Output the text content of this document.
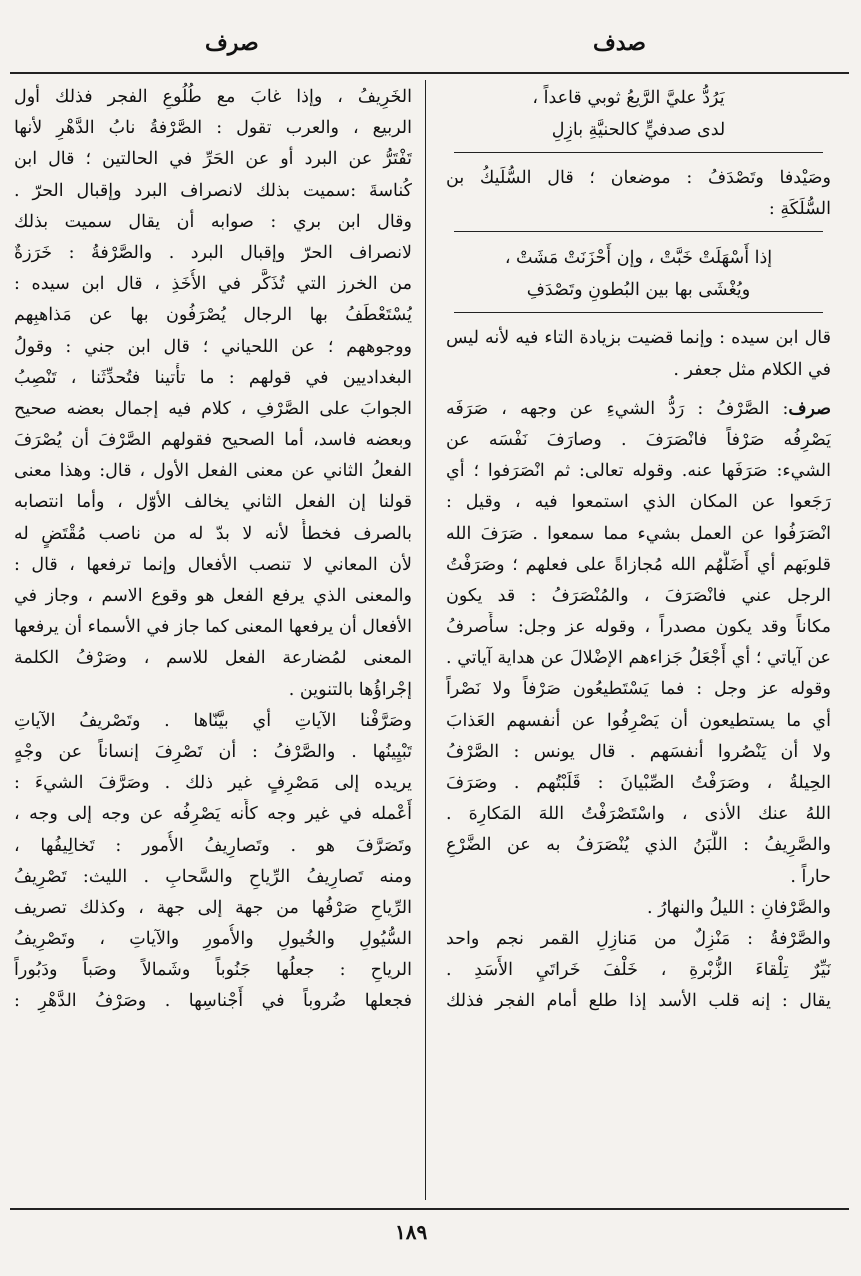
صدف
صرف
يَرُدُّ عليَّ الرَّيعُ ثوبي قاعداً ،
لدى صدفيٍّ كالحنيَّةِ بازِلِ
وصَيْدفا وتَصْدَفُ : موضعان ؛ قال السُّلَيكُ بن
السُّلَكَةِ :
إذا أَسْهَلَتْ خَبَّتْ ، وإن أَحْزَنَتْ مَشَتْ ،
ويُغْشَى بها بين البُطونِ وتَصْدَفِ
قال ابن سيده : وإنما قضيت بزيادة التاء فيه لأنه ليس
في الكلام مثل جعفر .
صرف: الصَّرْفُ : رَدُّ الشيءِ عن وجهه ، صَرَفَه
يَصْرِفُه صَرْفاً فانْصَرَفَ . وصارَفَ نَفْسَه عن
الشيء: صَرَفَها عنه. وقوله تعالى: ثم انْصَرَفوا ؛ أي
رَجَعوا عن المكان الذي استمعوا فيه ، وقيل :
انْصَرَفُوا عن العمل بشيء مما سمعوا . صَرَفَ الله
قلوبَهم أي أَضَلَّهُم الله مُجازاةً على فعلهم ؛ وصَرَفْتُ
الرجل عني فانْصَرَفَ ، والمُنْصَرَفُ : قد يكون
مكاناً وقد يكون مصدراً ، وقوله عز وجل: سأَصرفُ
عن آياتي ؛ أي أَجْعَلُ جَزاءهم الإضْلالَ عن هداية آياتي .
وقوله عز وجل : فما يَسْتَطيعُون صَرْفاً ولا نَصْراً
أي ما يستطيعون أن يَصْرِفُوا عن أنفسهم العَذابَ
ولا أن يَنْصُروا أنفسَهم . قال يونس : الصَّرْفُ
الحِيلةُ ، وصَرَفْتُ الصِّبْيانَ : قَلَبْتُهم . وصَرَفَ
اللهُ عنك الأذى ، واسْتَصْرَفْتُ اللهَ المَكارِهَ .
والصَّرِيفُ : اللَّبَنُ الذي يُنْصَرَفُ به عن الضَّرْعِ
حاراً .
والصَّرْفانِ : الليلُ والنهارُ .
والصَّرْفةُ : مَنْزِلٌ من مَنازِلِ القمر نجم واحد
نَيِّرٌ تِلْقاءَ الزُّبْرةِ ، خَلْفَ خَراتَيِ الأَسَدِ .
يقال : إنه قلب الأسد إذا طلع أمام الفجر فذلك
الخَرِيفُ ، وإذا غابَ مع طُلُوعِ الفجر فذلك أول
الربيع ، والعرب تقول : الصَّرْفةُ نابُ الدَّهْرِ لأنها
تَفْتَرُّ عن البرد أو عن الحَرِّ في الحالتين ؛ قال ابن
كُناسةَ :سميت بذلك لانصراف البرد وإقبال الحرّ .
وقال ابن بري : صوابه أن يقال سميت بذلك
لانصراف الحرّ وإقبال البرد . والصَّرْفةُ : خَرَزةٌ
من الخرز التي تُذَكَّر في الأُخَذِ ، قال ابن سيده :
يُسْتَعْطَفُ بها الرجال يُصْرَفُون بها عن مَذاهبِهم
ووجوههم ؛ عن اللحياني ؛ قال ابن جني : وقولُ
البغداديين في قولهم : ما تأْتينا فتُحدِّثَنا ، تَنْصِبُ
الجوابَ على الصَّرْفِ ، كلام فيه إجمال بعضه صحيح
وبعضه فاسد، أما الصحيح فقولهم الصَّرْفَ أن يُصْرَفَ
الفعلُ الثاني عن معنى الفعل الأول ، قال: وهذا معنى
قولنا إن الفعل الثاني يخالف الأوّل ، وأما انتصابه
بالصرف فخطأٌ لأنه لا بدّ له من ناصب مُقْتَضٍ له
لأن المعاني لا تنصب الأفعال وإنما ترفعها ، قال :
والمعنى الذي يرفع الفعل هو وقوع الاسم ، وجاز في
الأفعال أن يرفعها المعنى كما جاز في الأسماء أن يرفعها
المعنى لمُضارعة الفعل للاسم ، وصَرْفُ الكلمة
إجْراؤُها بالتنوين .
وصَرَّفْنا الآياتِ أي بيَّنّاها . وتَصْريفُ الآياتِ
تَبْيِينُها . والصَّرْفُ : أن تَصْرِفَ إنساناً عن وجْهٍ
يريده إلى مَصْرِفٍ غير ذلك . وصَرَّفَ الشيءَ :
أَعْمله في غير وجه كأَنه يَصْرِفُه عن وجه إلى وجه ،
وتَصَرَّفَ هو . وتَصارِيفُ الأُمور : تَخالِيفُها ،
ومنه تَصارِيفُ الرِّياحِ والسَّحابِ . الليث: تَصْرِيفُ
الرِّياحِ صَرْفُها من جهة إلى جهة ، وكذلك تصريف
السُّيُولِ والخُيولِ والأُمورِ والآياتِ ، وتَصْرِيفُ
الرياحِ : جعلُها جَنُوباً وشَمالاً وصَباً ودَبُوراً
فجعلها ضُروباً في أَجْناسِها . وصَرْفُ الدَّهْرِ :
١٨٩
